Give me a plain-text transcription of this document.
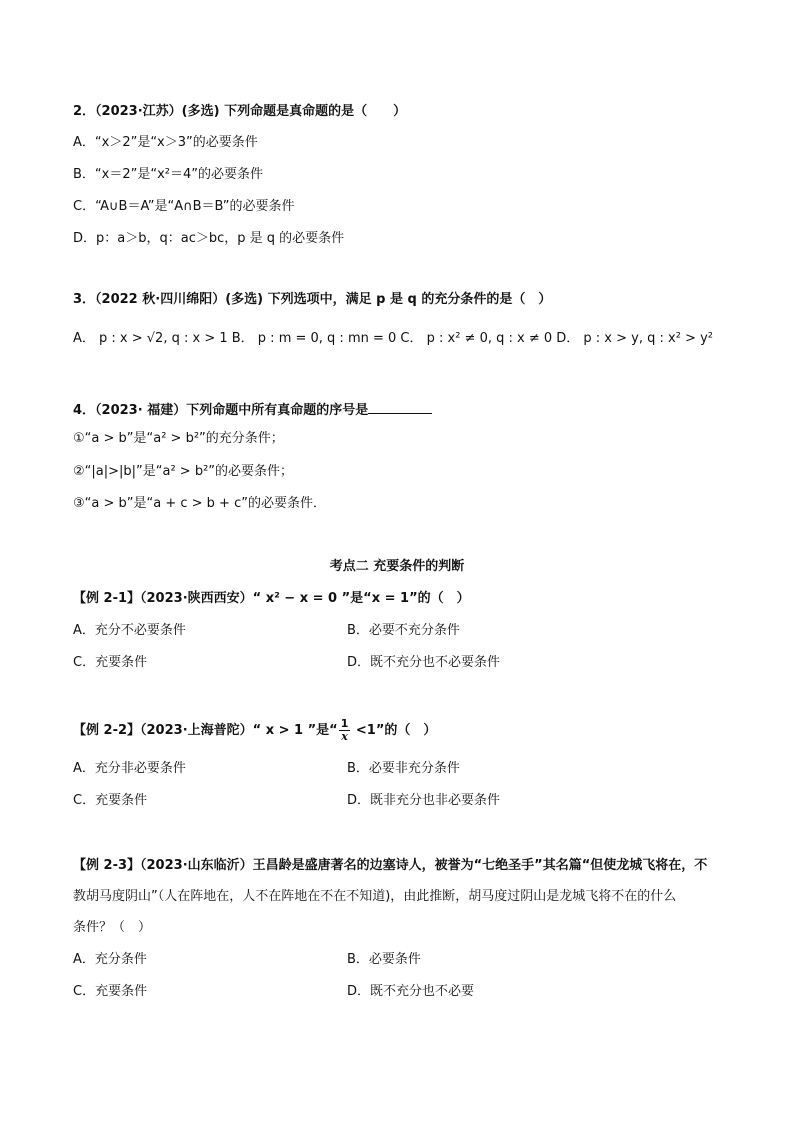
2．（2023·江苏）(多选) 下列命题是真命题的是（　　）
A．“x＞2”是“x＞3”的必要条件
B．“x＝2”是“x²＝4”的必要条件
C．“A∪B＝A”是“A∩B＝B”的必要条件
D．p：a＞b，q：ac＞bc，p 是 q 的必要条件
3．（2022 秋·四川绵阳）(多选) 下列选项中，满足 p 是 q 的充分条件的是（　）
A． p : x > √2, q : x > 1 B． p : m = 0, q : mn = 0 C． p : x² ≠ 0, q : x ≠ 0 D． p : x > y, q : x² > y²
4．（2023· 福建）下列命题中所有真命题的序号是
①“a > b”是“a² > b²”的充分条件；
②“|a|>|b|”是“a² > b²”的必要条件；
③“a > b”是“a + c > b + c”的必要条件．
考点二 充要条件的判断
【例 2-1】（2023·陕西西安）“ x² − x = 0 ”是“x = 1”的（　）
A．充分不必要条件	B．必要不充分条件
C．充要条件	D．既不充分也不必要条件
【例 2-2】（2023·上海普陀）“ x > 1 ”是“ $\frac{1}{x} <1$”的（　）
A．充分非必要条件	B．必要非充分条件
C．充要条件	D．既非充分也非必要条件
【例 2-3】（2023·山东临沂）王昌龄是盛唐著名的边塞诗人，被誉为“七绝圣手”其名篇“但使龙城飞将在，不
教胡马度阴山”（人在阵地在，人不在阵地在不在不知道)，由此推断，胡马度过阴山是龙城飞将不在的什么
条件？（　）
A．充分条件	B．必要条件
C．充要条件	D．既不充分也不必要
